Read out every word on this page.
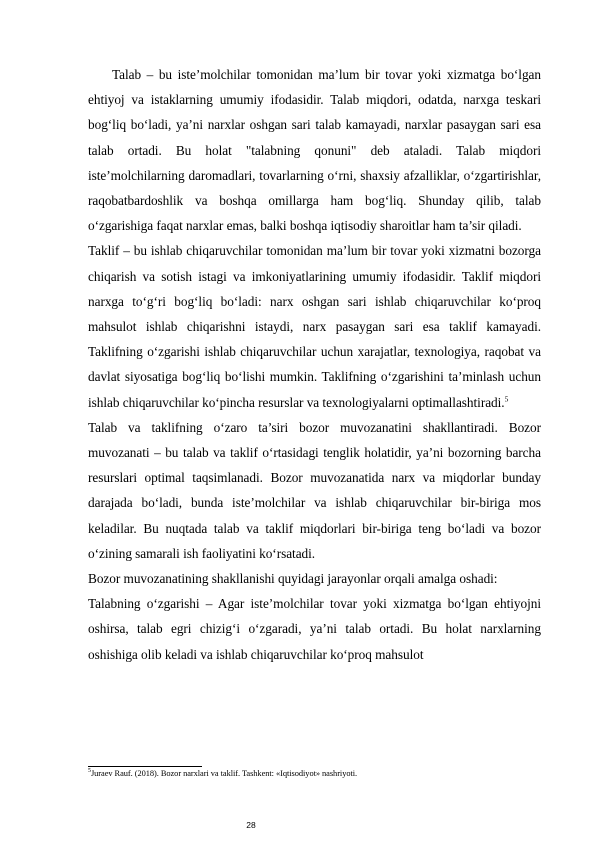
Talab – bu iste’molchilar tomonidan ma’lum bir tovar yoki xizmatga bo‘lgan ehtiyoj va istaklarning umumiy ifodasidir. Talab miqdori, odatda, narxga teskari bog‘liq bo‘ladi, ya’ni narxlar oshgan sari talab kamayadi, narxlar pasaygan sari esa talab ortadi. Bu holat "talabning qonuni" deb ataladi. Talab miqdori iste’molchilarning daromadlari, tovarlarning o‘rni, shaxsiy afzalliklar, o‘zgartirishlar, raqobatbardoshlik va boshqa omillarga ham bog‘liq. Shunday qilib, talab o‘zgarishiga faqat narxlar emas, balki boshqa iqtisodiy sharoitlar ham ta’sir qiladi.

Taklif – bu ishlab chiqaruvchilar tomonidan ma’lum bir tovar yoki xizmatni bozorga chiqarish va sotish istagi va imkoniyatlarining umumiy ifodasidir. Taklif miqdori narxga to‘g‘ri bog‘liq bo‘ladi: narx oshgan sari ishlab chiqaruvchilar ko‘proq mahsulot ishlab chiqarishni istaydi, narx pasaygan sari esa taklif kamayadi. Taklifning o‘zgarishi ishlab chiqaruvchilar uchun xarajatlar, texnologiya, raqobat va davlat siyosatiga bog‘liq bo‘lishi mumkin. Taklifning o‘zgarishini ta’minlash uchun ishlab chiqaruvchilar ko‘pincha resurslar va texnologiyalarni optimallashtiradi.$^5$

Talab va taklifning o‘zaro ta’siri bozor muvozanatini shakllantiradi. Bozor muvozanati – bu talab va taklif o‘rtasidagi tenglik holatidir, ya’ni bozorning barcha resurslari optimal taqsimlanadi. Bozor muvozanatida narx va miqdorlar bunday darajada bo‘ladi, bunda iste’molchilar va ishlab chiqaruvchilar bir-biriga mos keladilar. Bu nuqtada talab va taklif miqdorlari bir-biriga teng bo‘ladi va bozor o‘zining samarali ish faoliyatini ko‘rsatadi.

Bozor muvozanatining shakllanishi quyidagi jarayonlar orqali amalga oshadi:

Talabning o‘zgarishi – Agar iste’molchilar tovar yoki xizmatga bo‘lgan ehtiyojni oshirsa, talab egri chizig‘i o‘zgaradi, ya’ni talab ortadi. Bu holat narxlarning oshishiga olib keladi va ishlab chiqaruvchilar ko‘proq mahsulot

$^5$Juraev Rauf. (2018). Bozor narxlari va taklif. Tashkent: «Iqtisodiyot» nashriyoti.
28
